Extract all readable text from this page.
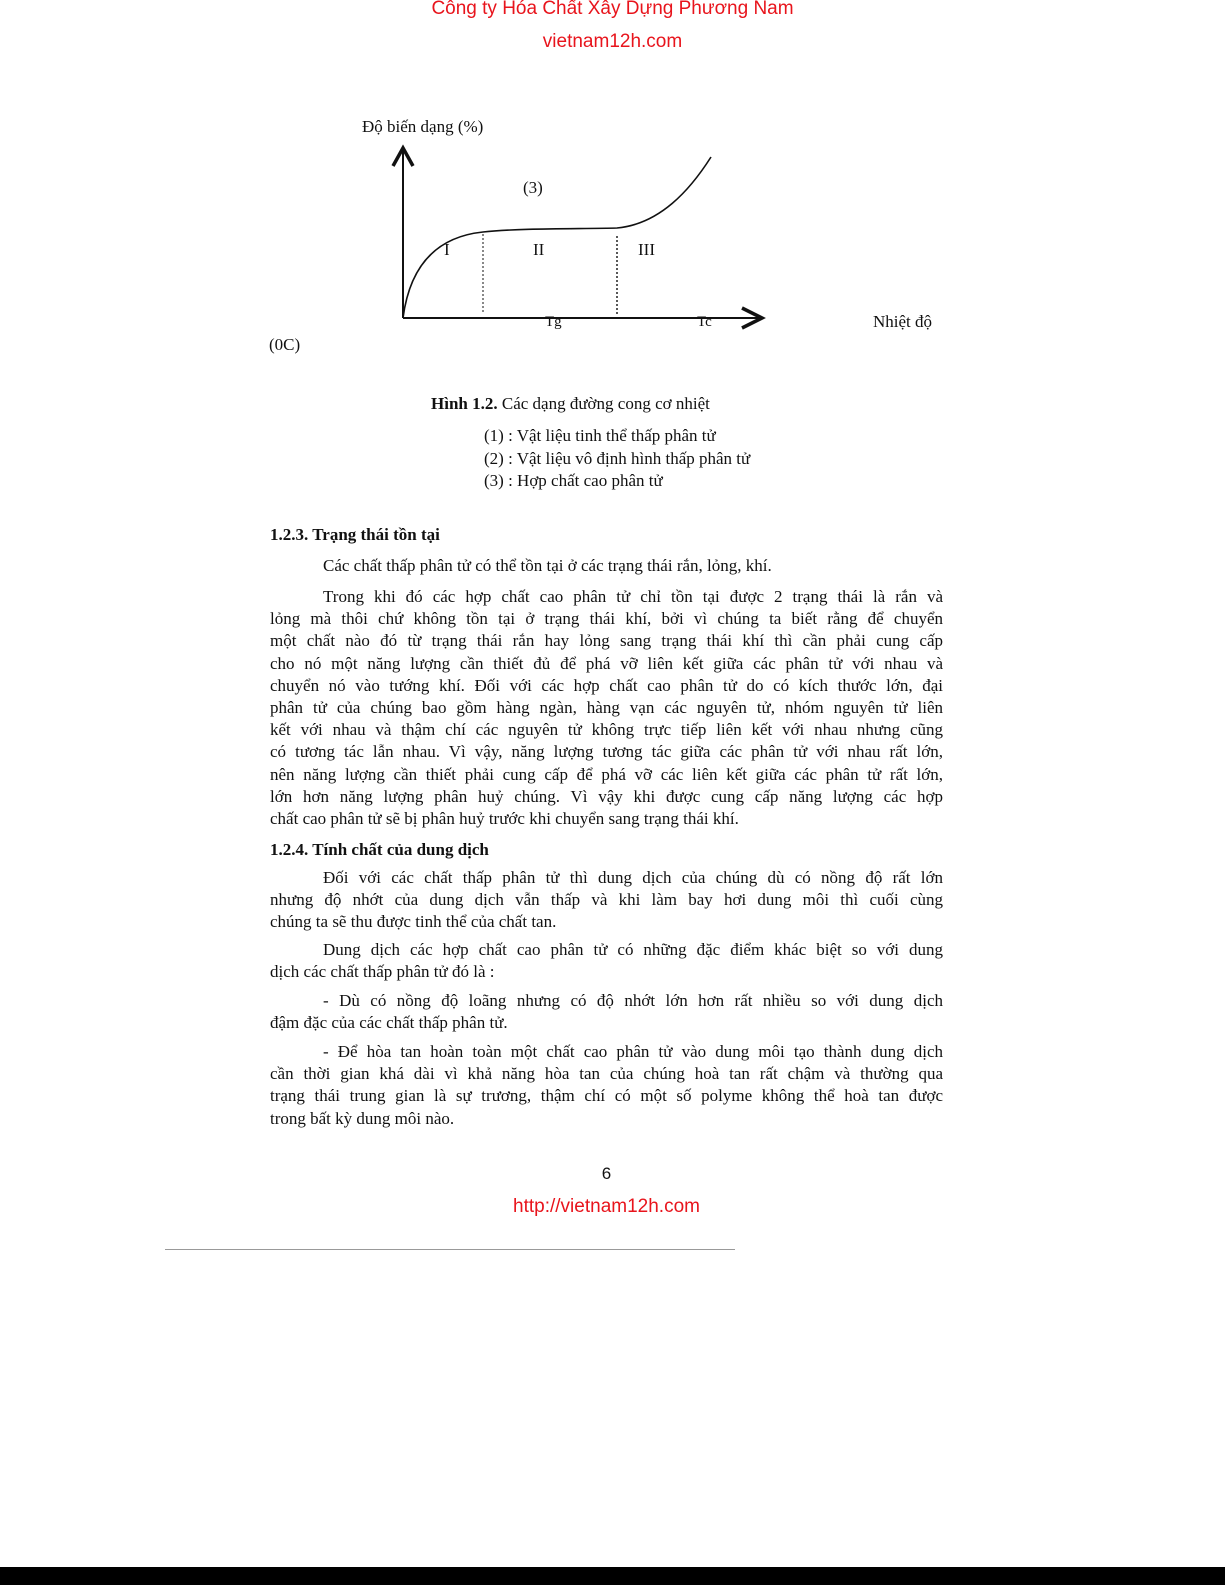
Công ty Hóa Chất Xây Dựng Phương Nam
vietnam12h.com
Độ biến dạng (%)
(3)
I	II	III
Tg	Tc	Nhiệt độ
(0C)
Hình 1.2. Các dạng đường cong cơ nhiệt
(1) : Vật liệu tinh thể thấp phân tử
(2) : Vật liệu vô định hình thấp phân tử
(3) : Hợp chất cao phân tử
1.2.3. Trạng thái tồn tại
Các chất thấp phân tử có thể tồn tại ở các trạng thái rắn, lỏng, khí.
Trong khi đó các hợp chất cao phân tử chỉ tồn tại được 2 trạng thái là rắn và
lỏng mà thôi chứ không tồn tại ở trạng thái khí, bởi vì chúng ta biết rằng để chuyển
một chất nào đó từ trạng thái rắn hay lỏng sang trạng thái khí thì cần phải cung cấp
cho nó một năng lượng cần thiết đủ để phá vỡ liên kết giữa các phân tử với nhau và
chuyển nó vào tướng khí. Đối với các hợp chất cao phân tử do có kích thước lớn, đại
phân tử của chúng bao gồm hàng ngàn, hàng vạn các nguyên tử, nhóm nguyên tử liên
kết với nhau và thậm chí các nguyên tử không trực tiếp liên kết với nhau nhưng cũng
có tương tác lẫn nhau. Vì vậy, năng lượng tương tác giữa các phân tử với nhau rất lớn,
nên năng lượng cần thiết phải cung cấp để phá vỡ các liên kết giữa các phân tử rất lớn,
lớn hơn năng lượng phân huỷ chúng. Vì vậy khi được cung cấp năng lượng các hợp
chất cao phân tử sẽ bị phân huỷ trước khi chuyển sang trạng thái khí.
1.2.4. Tính chất của dung dịch
Đối với các chất thấp phân tử thì dung dịch của chúng dù có nồng độ rất lớn
nhưng độ nhớt của dung dịch vẫn thấp và khi làm bay hơi dung môi thì cuối cùng
chúng ta sẽ thu được tinh thể của chất tan.
Dung dịch các hợp chất cao phân tử có những đặc điểm khác biệt so với dung
dịch các chất thấp phân tử đó là :
- Dù có nồng độ loãng nhưng có độ nhớt lớn hơn rất nhiều so với dung dịch
đậm đặc của các chất thấp phân tử.
- Để hòa tan hoàn toàn một chất cao phân tử vào dung môi tạo thành dung dịch
cần thời gian khá dài vì khả năng hòa tan của chúng hoà tan rất chậm và thường qua
trạng thái trung gian là sự trương, thậm chí có một số polyme không thể hoà tan được
trong bất kỳ dung môi nào.
6
http://vietnam12h.com
